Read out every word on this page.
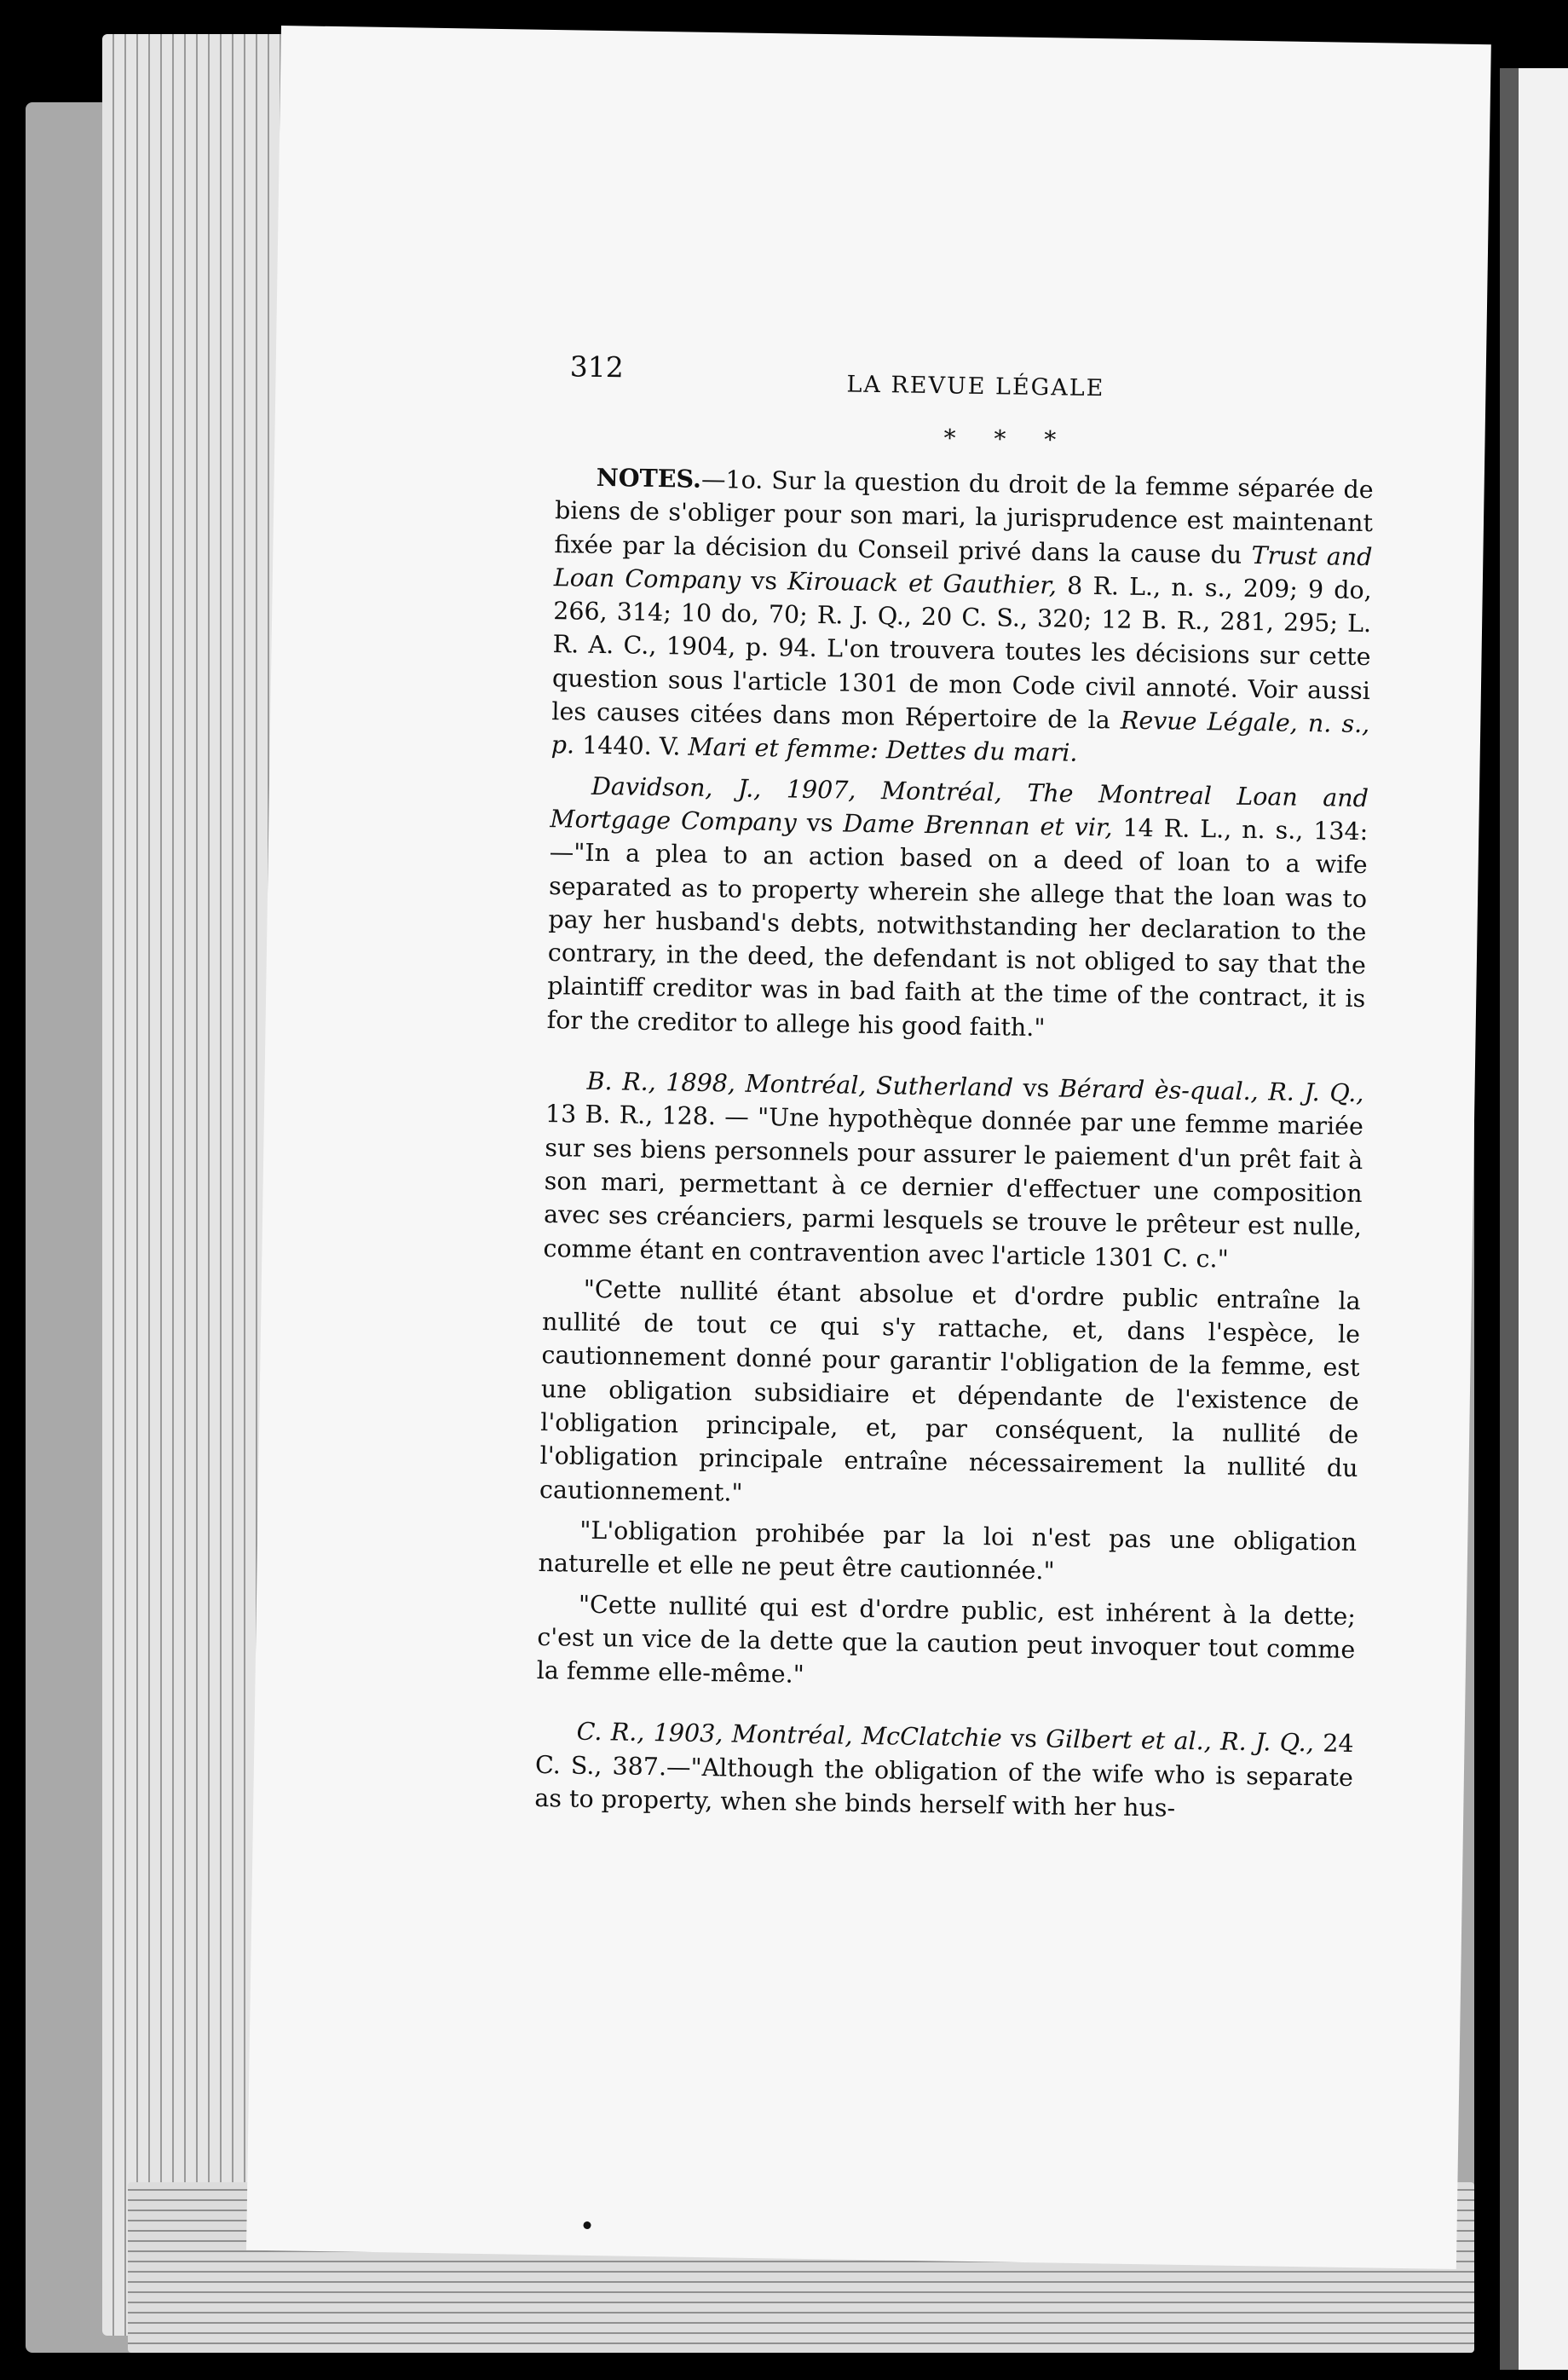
312
LA REVUE LÉGALE
* * *

NOTES.—1o. Sur la question du droit de la femme séparée de biens de s'obliger pour son mari, la jurisprudence est maintenant fixée par la décision du Conseil privé dans la cause du Trust and Loan Company vs Kirouack et Gauthier, 8 R. L., n. s., 209; 9 do, 266, 314; 10 do, 70; R. J. Q., 20 C. S., 320; 12 B. R., 281, 295; L. R. A. C., 1904, p. 94. L'on trouvera toutes les décisions sur cette question sous l'article 1301 de mon Code civil annoté. Voir aussi les causes citées dans mon Répertoire de la Revue Légale, n. s., p. 1440. V. Mari et femme: Dettes du mari.

Davidson, J., 1907, Montréal, The Montreal Loan and Mortgage Company vs Dame Brennan et vir, 14 R. L., n. s., 134:—"In a plea to an action based on a deed of loan to a wife separated as to property wherein she allege that the loan was to pay her husband's debts, notwithstanding her declaration to the contrary, in the deed, the defendant is not obliged to say that the plaintiff creditor was in bad faith at the time of the contract, it is for the creditor to allege his good faith."

B. R., 1898, Montréal, Sutherland vs Bérard ès-qual., R. J. Q., 13 B. R., 128. — "Une hypothèque donnée par une femme mariée sur ses biens personnels pour assurer le paiement d'un prêt fait à son mari, permettant à ce dernier d'effectuer une composition avec ses créanciers, parmi lesquels se trouve le prêteur est nulle, comme étant en contravention avec l'article 1301 C. c."

"Cette nullité étant absolue et d'ordre public entraîne la nullité de tout ce qui s'y rattache, et, dans l'espèce, le cautionnement donné pour garantir l'obligation de la femme, est une obligation subsidiaire et dépendante de l'existence de l'obligation principale, et, par conséquent, la nullité de l'obligation principale entraîne nécessairement la nullité du cautionnement."

"L'obligation prohibée par la loi n'est pas une obligation naturelle et elle ne peut être cautionnée."

"Cette nullité qui est d'ordre public, est inhérent à la dette; c'est un vice de la dette que la caution peut invoquer tout comme la femme elle-même."

C. R., 1903, Montréal, McClatchie vs Gilbert et al., R. J. Q., 24 C. S., 387.—"Although the obligation of the wife who is separate as to property, when she binds herself with her hus-
